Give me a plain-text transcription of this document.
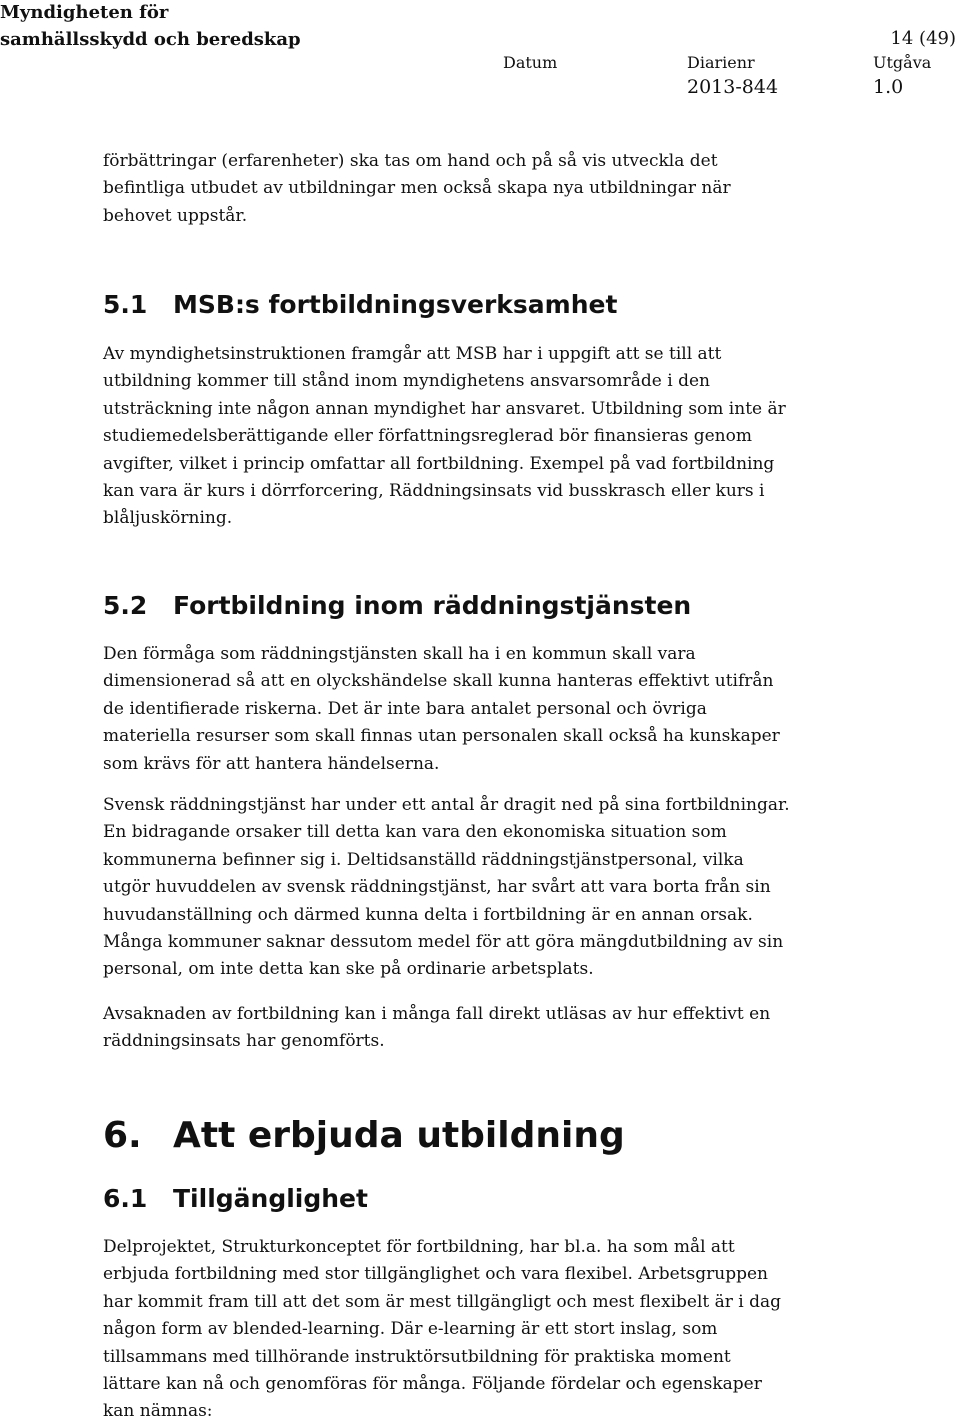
Myndigheten för
samhällsskydd och beredskap	14 (49)
Datum	Diarienr	Utgåva
2013-844	1.0
förbättringar (erfarenheter) ska tas om hand och på så vis utveckla det
befintliga utbudet av utbildningar men också skapa nya utbildningar när
behovet uppstår.
5.1 MSB:s fortbildningsverksamhet
Av myndighetsinstruktionen framgår att MSB har i uppgift att se till att
utbildning kommer till stånd inom myndighetens ansvarsområde i den
utsträckning inte någon annan myndighet har ansvaret. Utbildning som inte är
studiemedelsberättigande eller författningsreglerad bör finansieras genom
avgifter, vilket i princip omfattar all fortbildning. Exempel på vad fortbildning
kan vara är kurs i dörrforcering, Räddningsinsats vid busskrasch eller kurs i
blåljuskörning.
5.2 Fortbildning inom räddningstjänsten
Den förmåga som räddningstjänsten skall ha i en kommun skall vara
dimensionerad så att en olyckshändelse skall kunna hanteras effektivt utifrån
de identifierade riskerna. Det är inte bara antalet personal och övriga
materiella resurser som skall finnas utan personalen skall också ha kunskaper
som krävs för att hantera händelserna.
Svensk räddningstjänst har under ett antal år dragit ned på sina fortbildningar.
En bidragande orsaker till detta kan vara den ekonomiska situation som
kommunerna befinner sig i. Deltidsanställd räddningstjänstpersonal, vilka
utgör huvuddelen av svensk räddningstjänst, har svårt att vara borta från sin
huvudanställning och därmed kunna delta i fortbildning är en annan orsak.
Många kommuner saknar dessutom medel för att göra mängdutbildning av sin
personal, om inte detta kan ske på ordinarie arbetsplats.
Avsaknaden av fortbildning kan i många fall direkt utläsas av hur effektivt en
räddningsinsats har genomförts.
6. Att erbjuda utbildning
6.1 Tillgänglighet
Delprojektet, Strukturkonceptet för fortbildning, har bl.a. ha som mål att
erbjuda fortbildning med stor tillgänglighet och vara flexibel. Arbetsgruppen
har kommit fram till att det som är mest tillgängligt och mest flexibelt är i dag
någon form av blended-learning. Där e-learning är ett stort inslag, som
tillsammans med tillhörande instruktörsutbildning för praktiska moment
lättare kan nå och genomföras för många. Följande fördelar och egenskaper
kan nämnas:
